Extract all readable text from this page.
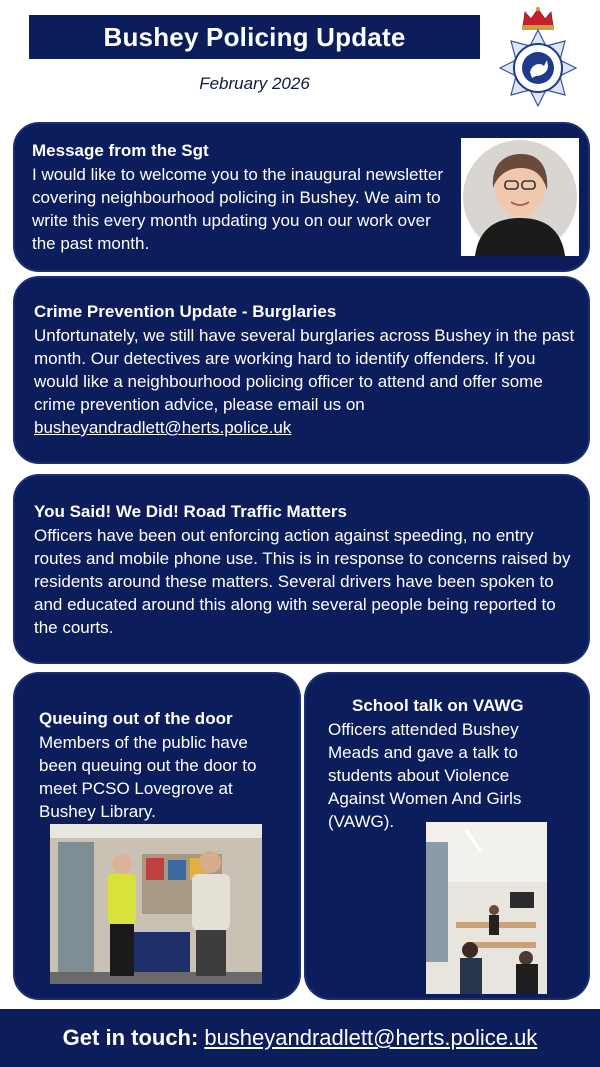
Bushey Policing Update
February 2026
Message from the Sgt
I would like to welcome you to the inaugural newsletter covering neighbourhood policing in Bushey. We aim to write this every month updating you on our work over the past month.
Crime Prevention Update - Burglaries
Unfortunately, we still have several burglaries across Bushey in the past month. Our detectives are working hard to identify offenders. If you would like a neighbourhood policing officer to attend and offer some crime prevention advice, please email us on busheyandradlett@herts.police.uk
You Said! We Did! Road Traffic Matters
Officers have been out enforcing action against speeding, no entry routes and mobile phone use. This is in response to concerns raised by residents around these matters. Several drivers have been spoken to and educated around this along with several people being reported to the courts.
Queuing out of the door
Members of the public have been queuing out the door to meet PCSO Lovegrove at Bushey Library.
School talk on VAWG
Officers attended Bushey Meads and gave a talk to students about Violence Against Women And Girls (VAWG).
Get in touch: busheyandradlett@herts.police.uk
